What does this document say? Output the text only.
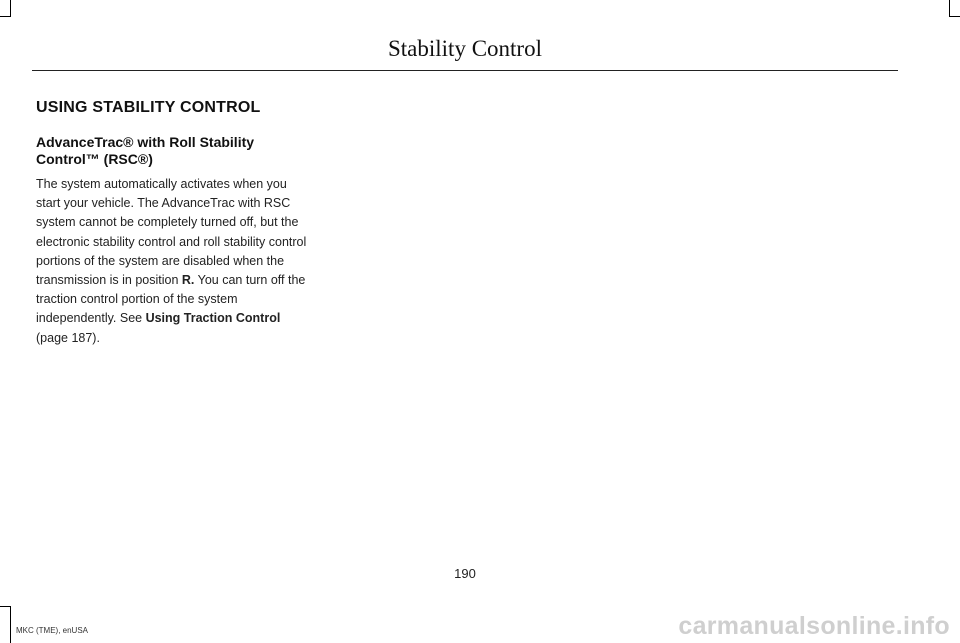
Stability Control
USING STABILITY CONTROL
AdvanceTrac® with Roll Stability Control™ (RSC®)

The system automatically activates when you start your vehicle. The AdvanceTrac with RSC system cannot be completely turned off, but the electronic stability control and roll stability control portions of the system are disabled when the transmission is in position R. You can turn off the traction control portion of the system independently. See Using Traction Control (page 187).

190
MKC (TME), enUSA	carmanualsonline.info
